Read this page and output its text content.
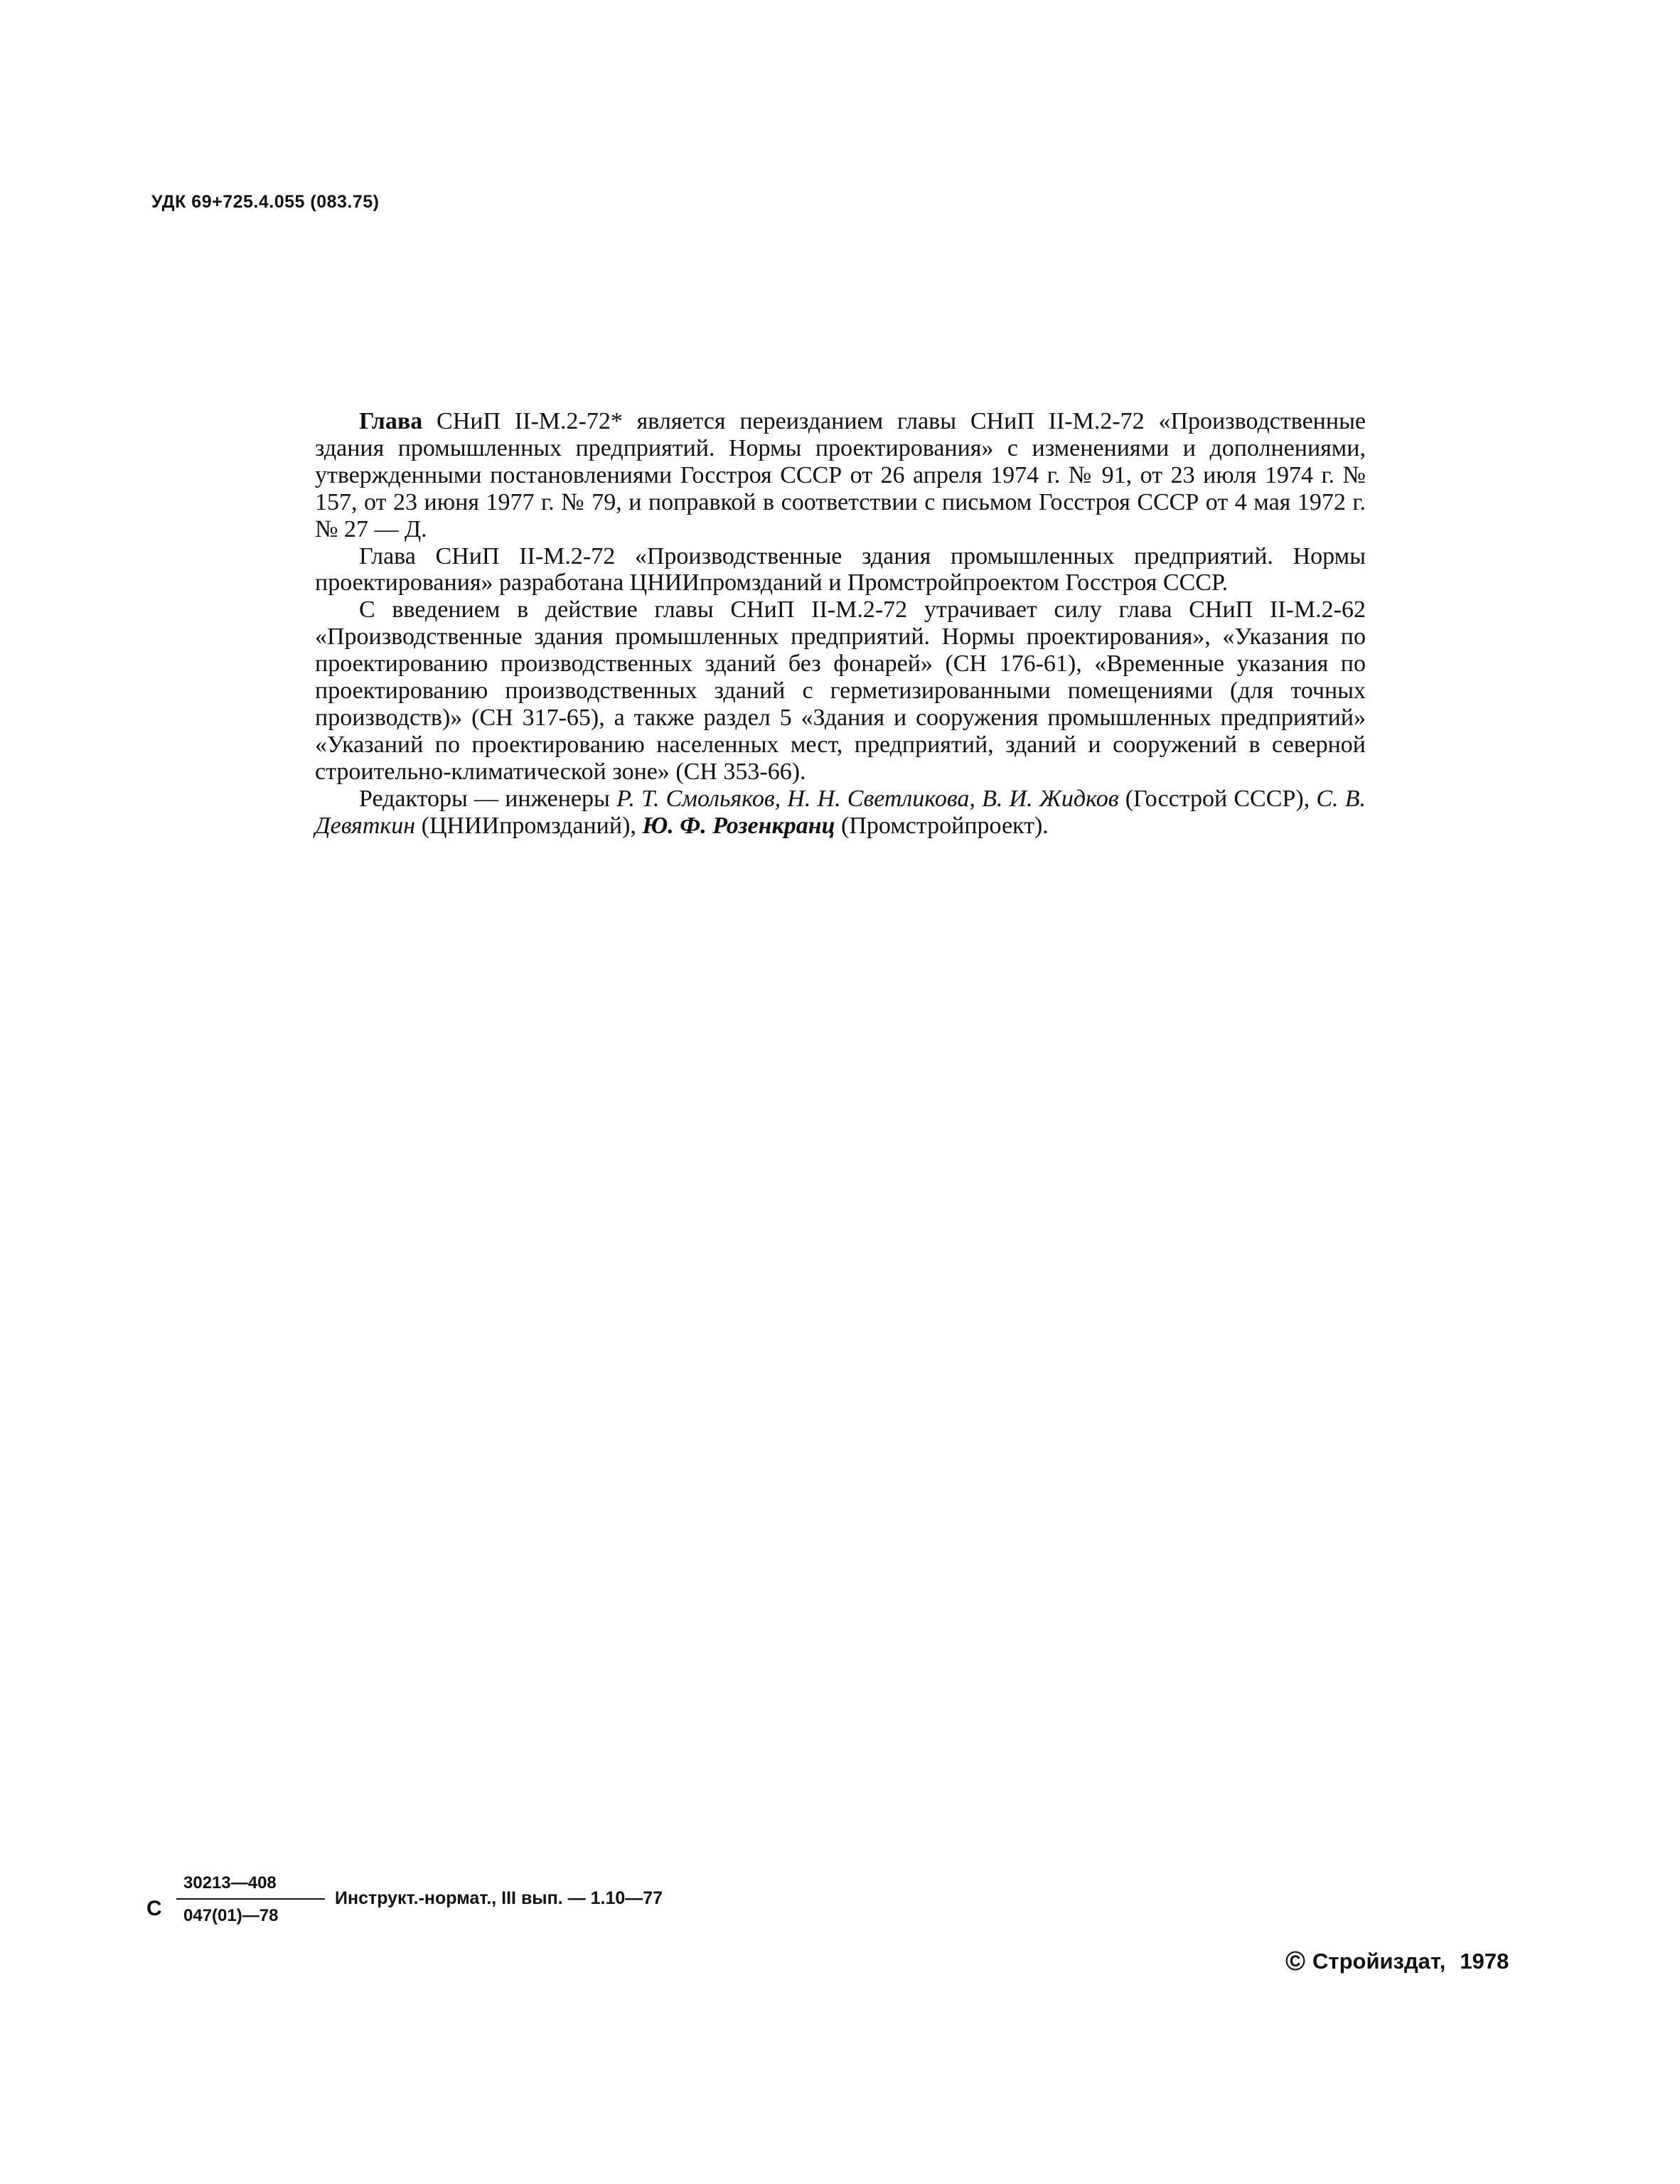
УДК 69+725.4.055 (083.75)

Глава СНиП II-М.2-72* является переизданием главы СНиП II-М.2-72 «Производственные здания промышленных предприятий. Нормы проектирования» с изменениями и дополнениями, утвержденными постановлениями Госстроя СССР от 26 апреля 1974 г. № 91, от 23 июля 1974 г. № 157, от 23 июня 1977 г. № 79, и поправкой в соответствии с письмом Госстроя СССР от 4 мая 1972 г. № 27 — Д.

Глава СНиП II-М.2-72 «Производственные здания промышленных предприятий. Нормы проектирования» разработана ЦНИИпромзданий и Промстройпроектом Госстроя СССР.

С введением в действие главы СНиП II-М.2-72 утрачивает силу глава СНиП II-М.2-62 «Производственные здания промышленных предприятий. Нормы проектирования», «Указания по проектированию производственных зданий без фонарей» (СН 176-61), «Временные указания по проектированию производственных зданий с герметизированными помещениями (для точных производств)» (СН 317-65), а также раздел 5 «Здания и сооружения промышленных предприятий» «Указаний по проектированию населенных мест, предприятий, зданий и сооружений в северной строительно-климатической зоне» (СН 353-66).

Редакторы — инженеры Р. Т. Смольяков, Н. Н. Светликова, В. И. Жидков (Госстрой СССР), С. В. Девяткин (ЦНИИпромзданий), Ю. Ф. Розенкранц (Промстройпроект).

С
30213—408
047(01)—78
Инструкт.-нормат., III вып. — 1.10—77
© Стройиздат, 1978
